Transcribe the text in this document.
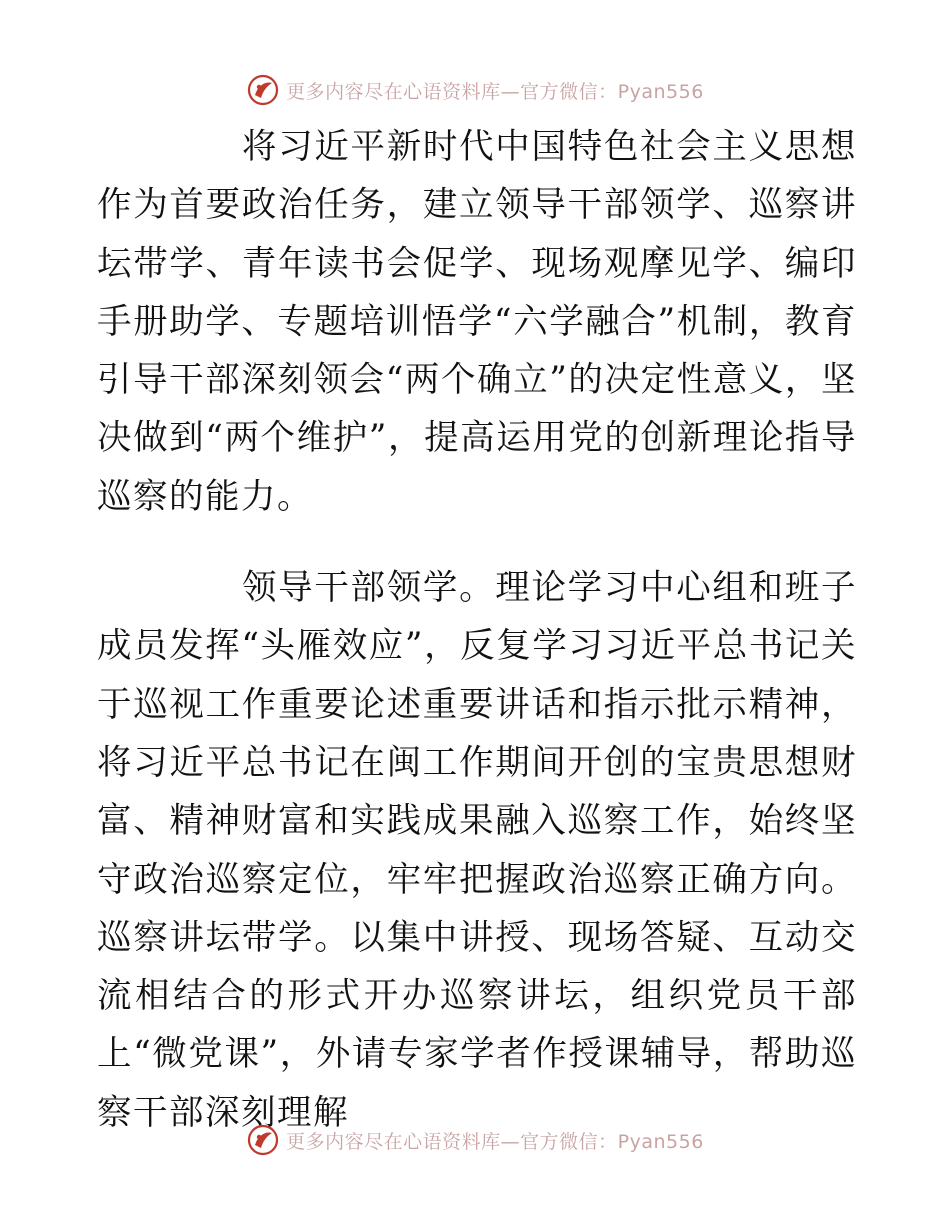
更多内容尽在心语资料库—官方微信：Pyan556

将习近平新时代中国特色社会主义思想作为首要政治任务，建立领导干部领学、巡察讲坛带学、青年读书会促学、现场观摩见学、编印手册助学、专题培训悟学“六学融合”机制，教育引导干部深刻领会“两个确立”的决定性意义，坚决做到“两个维护”，提高运用党的创新理论指导巡察的能力。

领导干部领学。理论学习中心组和班子成员发挥“头雁效应”，反复学习习近平总书记关于巡视工作重要论述重要讲话和指示批示精神，将习近平总书记在闽工作期间开创的宝贵思想财富、精神财富和实践成果融入巡察工作，始终坚守政治巡察定位，牢牢把握政治巡察正确方向。巡察讲坛带学。以集中讲授、现场答疑、互动交流相结合的形式开办巡察讲坛，组织党员干部上“微党课”，外请专家学者作授课辅导，帮助巡察干部深刻理解

更多内容尽在心语资料库—官方微信：Pyan556
